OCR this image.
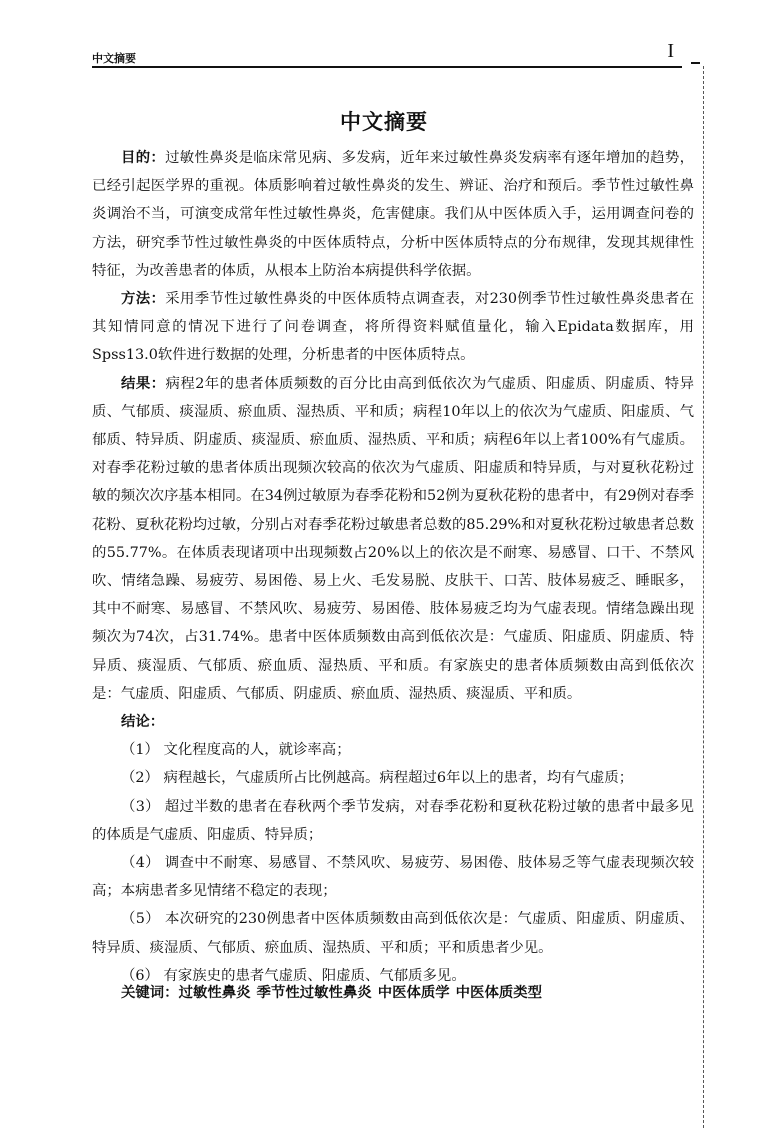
中文摘要	I
中文摘要

目的：过敏性鼻炎是临床常见病、多发病，近年来过敏性鼻炎发病率有逐年增加的趋势，已经引起医学界的重视。体质影响着过敏性鼻炎的发生、辨证、治疗和预后。季节性过敏性鼻炎调治不当，可演变成常年性过敏性鼻炎，危害健康。我们从中医体质入手，运用调查问卷的方法，研究季节性过敏性鼻炎的中医体质特点，分析中医体质特点的分布规律，发现其规律性特征，为改善患者的体质，从根本上防治本病提供科学依据。

方法：采用季节性过敏性鼻炎的中医体质特点调查表，对230例季节性过敏性鼻炎患者在其知情同意的情况下进行了问卷调查，将所得资料赋值量化，输入Epidata数据库，用Spss13.0软件进行数据的处理，分析患者的中医体质特点。

结果：病程2年的患者体质频数的百分比由高到低依次为气虚质、阳虚质、阴虚质、特异质、气郁质、痰湿质、瘀血质、湿热质、平和质；病程10年以上的依次为气虚质、阳虚质、气郁质、特异质、阴虚质、痰湿质、瘀血质、湿热质、平和质；病程6年以上者100%有气虚质。对春季花粉过敏的患者体质出现频次较高的依次为气虚质、阳虚质和特异质，与对夏秋花粉过敏的频次次序基本相同。在34例过敏原为春季花粉和52例为夏秋花粉的患者中，有29例对春季花粉、夏秋花粉均过敏，分别占对春季花粉过敏患者总数的85.29%和对夏秋花粉过敏患者总数的55.77%。在体质表现诸项中出现频数占20%以上的依次是不耐寒、易感冒、口干、不禁风吹、情绪急躁、易疲劳、易困倦、易上火、毛发易脱、皮肤干、口苦、肢体易疲乏、睡眠多，其中不耐寒、易感冒、不禁风吹、易疲劳、易困倦、肢体易疲乏均为气虚表现。情绪急躁出现频次为74次，占31.74%。患者中医体质频数由高到低依次是：气虚质、阳虚质、阴虚质、特异质、痰湿质、气郁质、瘀血质、湿热质、平和质。有家族史的患者体质频数由高到低依次是：气虚质、阳虚质、气郁质、阴虚质、瘀血质、湿热质、痰湿质、平和质。

结论：

（1） 文化程度高的人，就诊率高；

（2） 病程越长，气虚质所占比例越高。病程超过6年以上的患者，均有气虚质；

（3） 超过半数的患者在春秋两个季节发病，对春季花粉和夏秋花粉过敏的患者中最多见的体质是气虚质、阳虚质、特异质；

（4） 调查中不耐寒、易感冒、不禁风吹、易疲劳、易困倦、肢体易乏等气虚表现频次较高；本病患者多见情绪不稳定的表现；

（5） 本次研究的230例患者中医体质频数由高到低依次是：气虚质、阳虚质、阴虚质、特异质、痰湿质、气郁质、瘀血质、湿热质、平和质；平和质患者少见。

（6） 有家族史的患者气虚质、阳虚质、气郁质多见。

关键词：过敏性鼻炎 季节性过敏性鼻炎 中医体质学 中医体质类型
